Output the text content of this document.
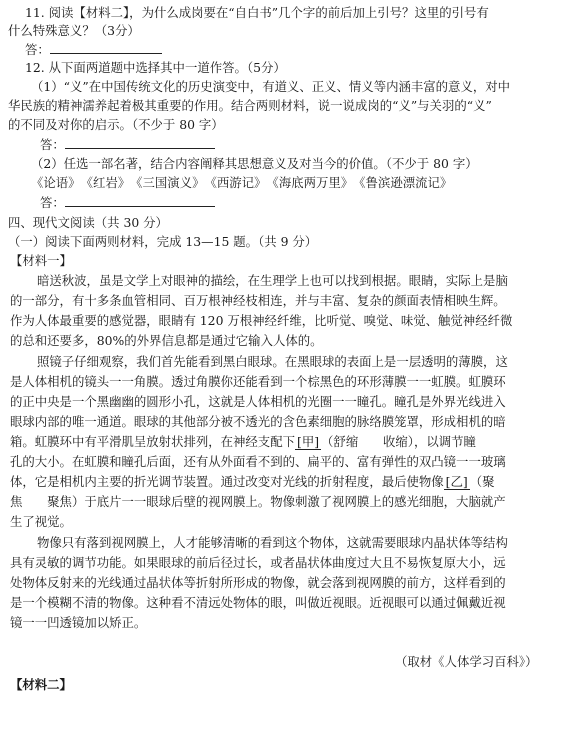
11. 阅读【材料二】，为什么成岗要在“自白书”几个字的前后加上引号？这里的引号有
什么特殊意义？（3分）
答：
12. 从下面两道题中选择其中一道作答。（5分）
（1）“义”在中国传统文化的历史演变中，有道义、正义、情义等内涵丰富的意义，对中
华民族的精神濡养起着极其重要的作用。结合两则材料，说一说成岗的“义”与关羽的“义”
的不同及对你的启示。（不少于 80 字）
答：
（2）任选一部名著，结合内容阐释其思想意义及对当今的价值。（不少于 80 字）
《论语》　 《红岩》　 《三国演义》　 《西游记》　 《海底两万里》　 《鲁滨逊漂流记》
答：
四、现代文阅读（共 30 分）
（一）阅读下面两则材料，完成 13—15 题。（共 9 分）
【材料一】
暗送秋波，虽是文学上对眼神的描绘，在生理学上也可以找到根据。眼睛，实际上是脑
的一部分，有十多条血管相同、百万根神经枝相连，并与丰富、复杂的颜面表情相映生辉。
作为人体最重要的感觉器，眼睛有 120 万根神经纤维，比听觉、嗅觉、味觉、触觉神经纤微
的总和还要多，80%的外界信息都是通过它输入人体的。
照镜子仔细观察，我们首先能看到黑白眼球。在黑眼球的表面上是一层透明的薄膜，这
是人体相机的镜头一一角膜。透过角膜你还能看到一个棕黑色的环形薄膜一一虹膜。虹膜环
的正中央是一个黑幽幽的圆形小孔，这就是人体相机的光圈一一瞳孔。瞳孔是外界光线进入
眼球内部的唯一通道。眼球的其他部分被不透光的含色素细胞的脉络膜笼罩，形成相机的暗
箱。虹膜环中有平滑肌呈放射状排列，在神经支配下 [甲] （舒缩　　收缩），以调节瞳
孔的大小。在虹膜和瞳孔后面，还有从外面看不到的、扁平的、富有弹性的双凸镜一一玻璃
体，它是相机内主要的折光调节装置。通过改变对光线的折射程度，最后使物像 [乙] （聚
焦　　聚焦）于底片一一眼球后壁的视网膜上。物像刺激了视网膜上的感光细胞，大脑就产
生了视觉。
物像只有落到视网膜上，人才能够清晰的看到这个物体，这就需要眼球内晶状体等结构
具有灵敏的调节功能。如果眼球的前后径过长，或者晶状体曲度过大且不易恢复原大小，远
处物体反射来的光线通过晶状体等折射所形成的物像，就会落到视网膜的前方，这样看到的
是一个模糊不清的物像。这种看不清远处物体的眼，叫做近视眼。近视眼可以通过佩戴近视
镜一一凹透镜加以矫正。
（取材《人体学习百科》）
【材料二】
